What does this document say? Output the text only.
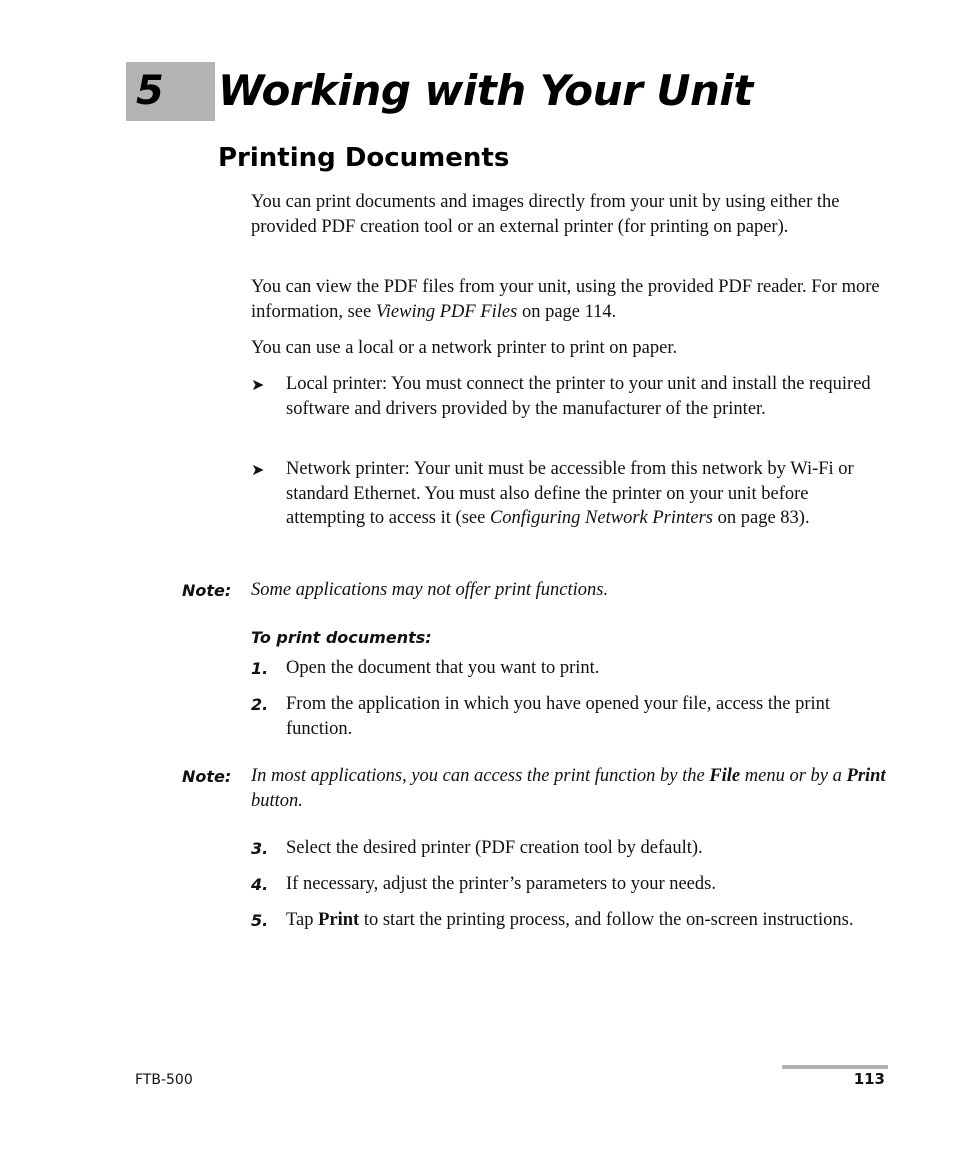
5 Working with Your Unit
Printing Documents

You can print documents and images directly from your unit by using either the provided PDF creation tool or an external printer (for printing on paper).

You can view the PDF files from your unit, using the provided PDF reader. For more information, see Viewing PDF Files on page 114.

You can use a local or a network printer to print on paper.

➤	Local printer: You must connect the printer to your unit and install the required software and drivers provided by the manufacturer of the printer.
➤	Network printer: Your unit must be accessible from this network by Wi-Fi or standard Ethernet. You must also define the printer on your unit before attempting to access it (see Configuring Network Printers on page 83).
Note: Some applications may not offer print functions.
To print documents:
1. Open the document that you want to print.
2. From the application in which you have opened your file, access the print function.
Note: In most applications, you can access the print function by the File menu or by a Print button.
3. Select the desired printer (PDF creation tool by default).
4. If necessary, adjust the printer’s parameters to your needs.
5. Tap Print to start the printing process, and follow the on-screen instructions.
FTB-500	113
